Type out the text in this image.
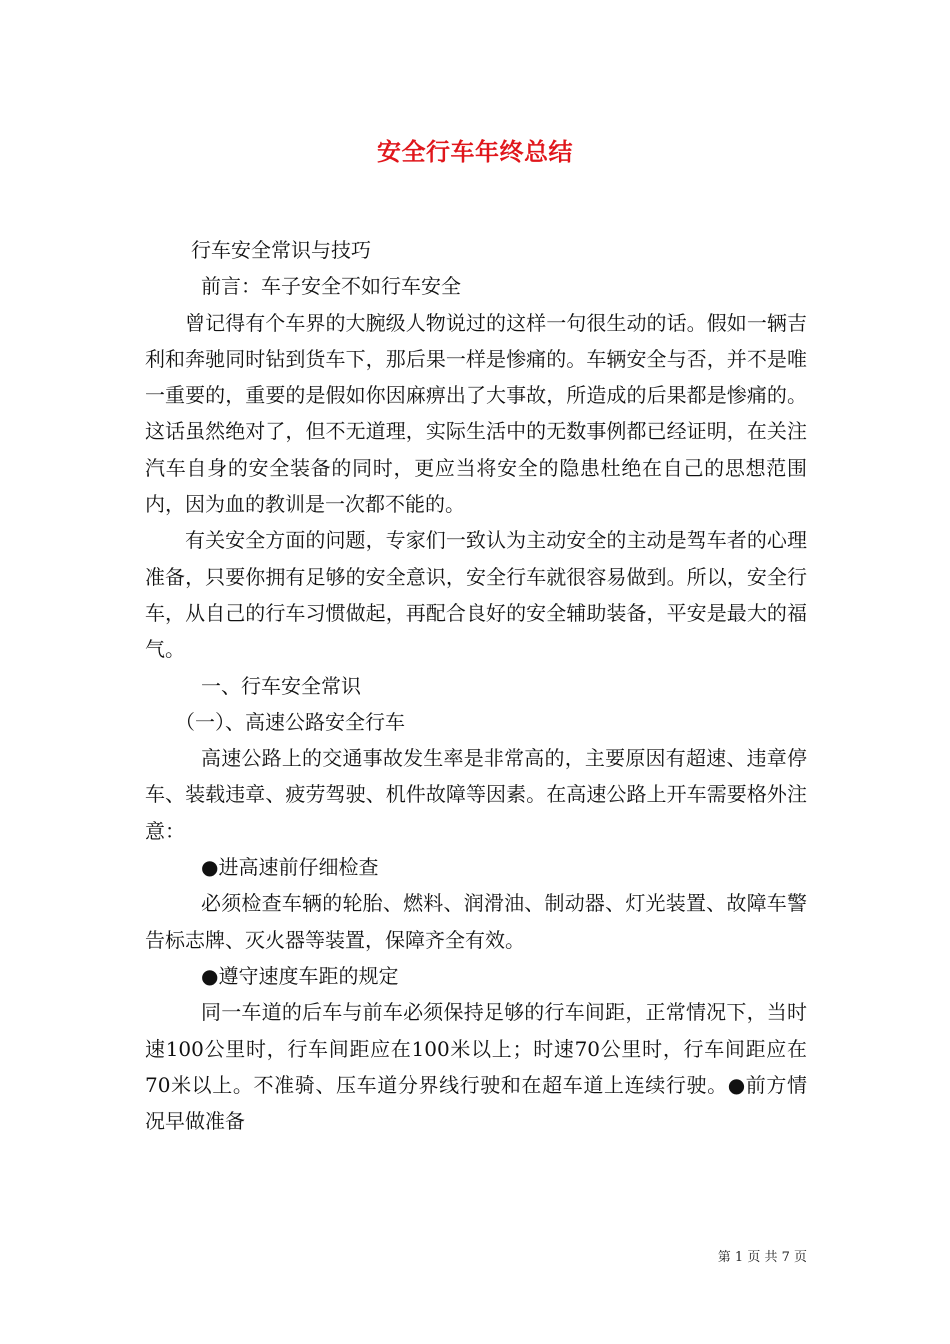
安全行车年终总结

行车安全常识与技巧

前言：车子安全不如行车安全

曾记得有个车界的大腕级人物说过的这样一句很生动的话。假如一辆吉利和奔驰同时钻到货车下，那后果一样是惨痛的。车辆安全与否，并不是唯一重要的，重要的是假如你因麻痹出了大事故，所造成的后果都是惨痛的。这话虽然绝对了，但不无道理，实际生活中的无数事例都已经证明，在关注汽车自身的安全装备的同时，更应当将安全的隐患杜绝在自己的思想范围内，因为血的教训是一次都不能的。

有关安全方面的问题，专家们一致认为主动安全的主动是驾车者的心理准备，只要你拥有足够的安全意识，安全行车就很容易做到。所以，安全行车，从自己的行车习惯做起，再配合良好的安全辅助装备，平安是最大的福气。

一、行车安全常识

（一）、高速公路安全行车

高速公路上的交通事故发生率是非常高的，主要原因有超速、违章停车、装载违章、疲劳驾驶、机件故障等因素。在高速公路上开车需要格外注意：

●进高速前仔细检查

必须检查车辆的轮胎、燃料、润滑油、制动器、灯光装置、故障车警告标志牌、灭火器等装置，保障齐全有效。

●遵守速度车距的规定

同一车道的后车与前车必须保持足够的行车间距，正常情况下，当时速100公里时，行车间距应在100米以上；时速70公里时，行车间距应在70米以上。不准骑、压车道分界线行驶和在超车道上连续行驶。●前方情况早做准备

第 1 页 共 7 页
